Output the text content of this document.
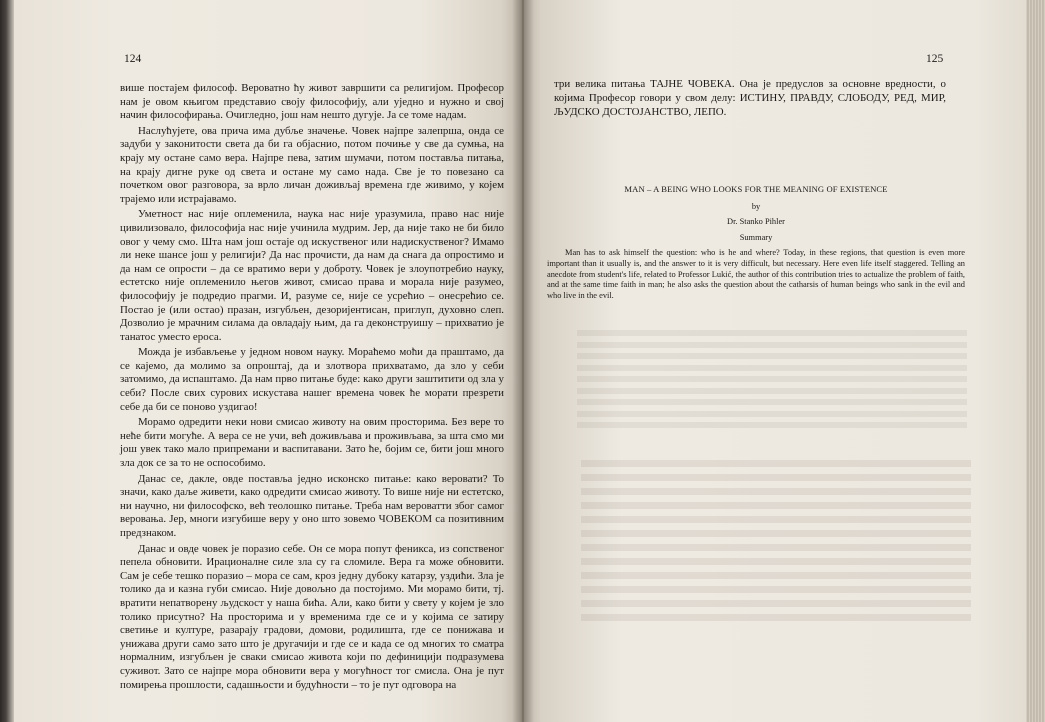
124

више постајем философ. Вероватно ћу живот завршити са религијом. Професор нам је овом књигом представио своју философију, али уједно и нужно и свој начин философирања. Очигледно, још нам нешто дугује. Ја се томе надам.

Наслућујете, ова прича има дубље значење. Човек најпре залепршa, онда се задуби у законитости света да би га објаснио, потом почиње у све да сумња, на крају му остане само вера. Најпре пева, затим шумачи, потом поставља питања, на крају дигне руке од света и остане му само нада. Све је то повезано са почетком овог разговора, за врло личан доживљај времена где живимо, у којем трајемо или истрајавамо.

Уметност нас није оплеменила, наука нас није уразумила, право нас није цивилизовало, философија нас није учинила мудрим. Јер, да није тако не би било овог у чему смо. Шта нам још остаје од искуственог или надискуственог? Имамо ли неке шансе још у религији? Да нас прочисти, да нам да снага да опростимо и да нам се опрости – да се вратимо вери у доброту. Човек је злоупотребио науку, естетско није оплеменило његов живот, смисао права и морала није разумео, философију је подредио прагми. И, разуме се, није се усрећио – онесрећио се. Постао је (или остао) празан, изгубљен, дезоријентисан, приглуп, духовно слеп. Дозволио је мрачним силама да овладају њим, да га деконструишу – прихватио је танатос уместо ероса.

Можда је избављење у једном новом науку. Мораћемо моћи да праштамо, да се кајемо, да молимо за опроштај, да и злотвора прихватамо, да зло у себи затомимо, да испаштамо. Да нам прво питање буде: како други заштитити од зла у себи? После свих сурових искустава нашег времена човек ће морати презрети себе да би се поново уздигао!

Морамо одредити неки нови смисао животу на овим просторима. Без вере то неће бити могуће. А вера се не учи, већ доживљава и проживљава, за шта смо ми још увек тако мало припремани и васпитавани. Зато ће, бојим се, бити још много зла док се за то не оспособимо.

Данас се, дакле, овде поставља једно исконско питање: како веровати? То значи, како даље живети, како одредити смисао животу. То више није ни естетско, ни научно, ни философско, већ теолошко питање. Треба нам вероватти због самог веровања. Јер, многи изгубише веру у оно што зовемо ЧОВЕКОМ са позитивним предзнаком.

Данас и овде човек је поразио себе. Он се мора попут феникса, из сопственог пепела обновити. Ирационалне силе зла су га сломиле. Вера га може обновити. Сам је себе тешко поразио – мора се сам, кроз једну дубоку катарзу, уздићи. Зла је толико да и казна губи смисао. Није довољно да постојимо. Ми морамо бити, тј. вратити непатворену људскост у наша бића. Али, како бити у свету у којем је зло толико присутно? На просторима и у временима где се и у којима се затиру светиње и културе, разарају градови, домови, родилишта, где се понижава и унижава други само зато што је другачији и где се и када се од многих то сматра нормалним, изгубљен је сваки смисао живота који по дефиницији подразумева суживот. Зато се најпре мора обновити вера у могућност тог смисла. Она је пут помирења прошлости, садашњости и будућности – то је пут одговора на

125

три велика питања ТАЈНЕ ЧОВЕКА. Она је предуслов за основне вредности, о којима Професор говори у свом делу: ИСТИНУ, ПРАВДУ, СЛОБОДУ, РЕД, МИР, ЉУДСКО ДОСТОЈАНСТВО, ЛЕПО.

MAN – A BEING WHO LOOKS FOR THE MEANING OF EXISTENCE
by
Dr. Stanko Pihler
Summary
Man has to ask himself the question: who is he and where? Today, in these regions, that question is even more important than it usually is, and the answer to it is very difficult, but necessary. Here even life itself staggered. Telling an anecdote from student's life, related to Professor Lukić, the author of this contribution tries to actualize the problem of faith, and at the same time faith in man; he also asks the question about the catharsis of human beings who sank in the evil and who live in the evil.
